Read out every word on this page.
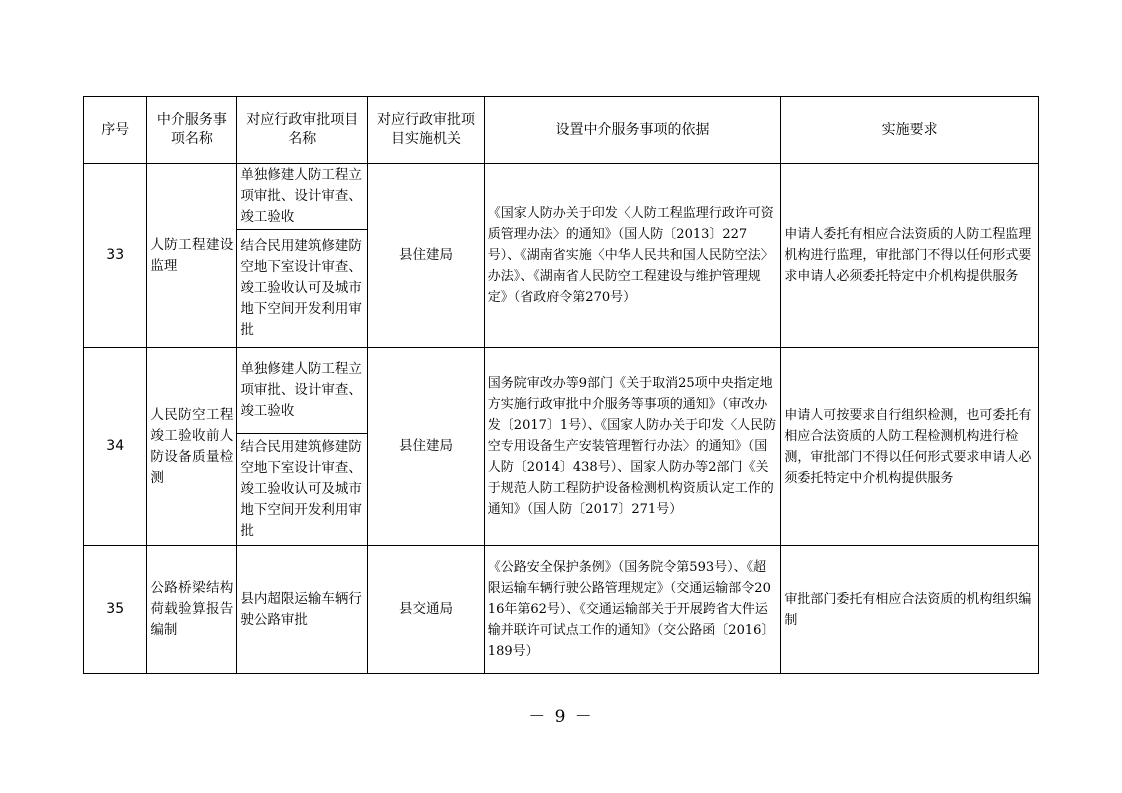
序号	中介服务事项名称	对应行政审批项目名称	对应行政审批项目实施机关	设置中介服务事项的依据	实施要求
33	人防工程建设监理	单独修建人防工程立项审批、设计审查、竣工验收	县住建局	《国家人防办关于印发〈人防工程监理行政许可资质管理办法〉的通知》（国人防〔2013〕227号）、《湖南省实施〈中华人民共和国人民防空法〉办法》、《湖南省人民防空工程建设与维护管理规定》（省政府令第270号）	申请人委托有相应合法资质的人防工程监理机构进行监理，审批部门不得以任何形式要求申请人必须委托特定中介机构提供服务
		结合民用建筑修建防空地下室设计审查、竣工验收认可及城市地下空间开发利用审批			
34	人民防空工程竣工验收前人防设备质量检测	单独修建人防工程立项审批、设计审查、竣工验收	县住建局	国务院审改办等9部门《关于取消25项中央指定地方实施行政审批中介服务等事项的通知》（审改办发〔2017〕1号）、《国家人防办关于印发〈人民防空专用设备生产安装管理暂行办法〉的通知》（国人防〔2014〕438号）、国家人防办等2部门《关于规范人防工程防护设备检测机构资质认定工作的通知》（国人防〔2017〕271号）	申请人可按要求自行组织检测，也可委托有相应合法资质的人防工程检测机构进行检测，审批部门不得以任何形式要求申请人必须委托特定中介机构提供服务
		结合民用建筑修建防空地下室设计审查、竣工验收认可及城市地下空间开发利用审批			
35	公路桥梁结构荷载验算报告编制	县内超限运输车辆行驶公路审批	县交通局	《公路安全保护条例》（国务院令第593号）、《超限运输车辆行驶公路管理规定》（交通运输部令2016年第62号）、《交通运输部关于开展跨省大件运输并联许可试点工作的通知》（交公路函〔2016〕189号）	审批部门委托有相应合法资质的机构组织编制
－ 9 －
